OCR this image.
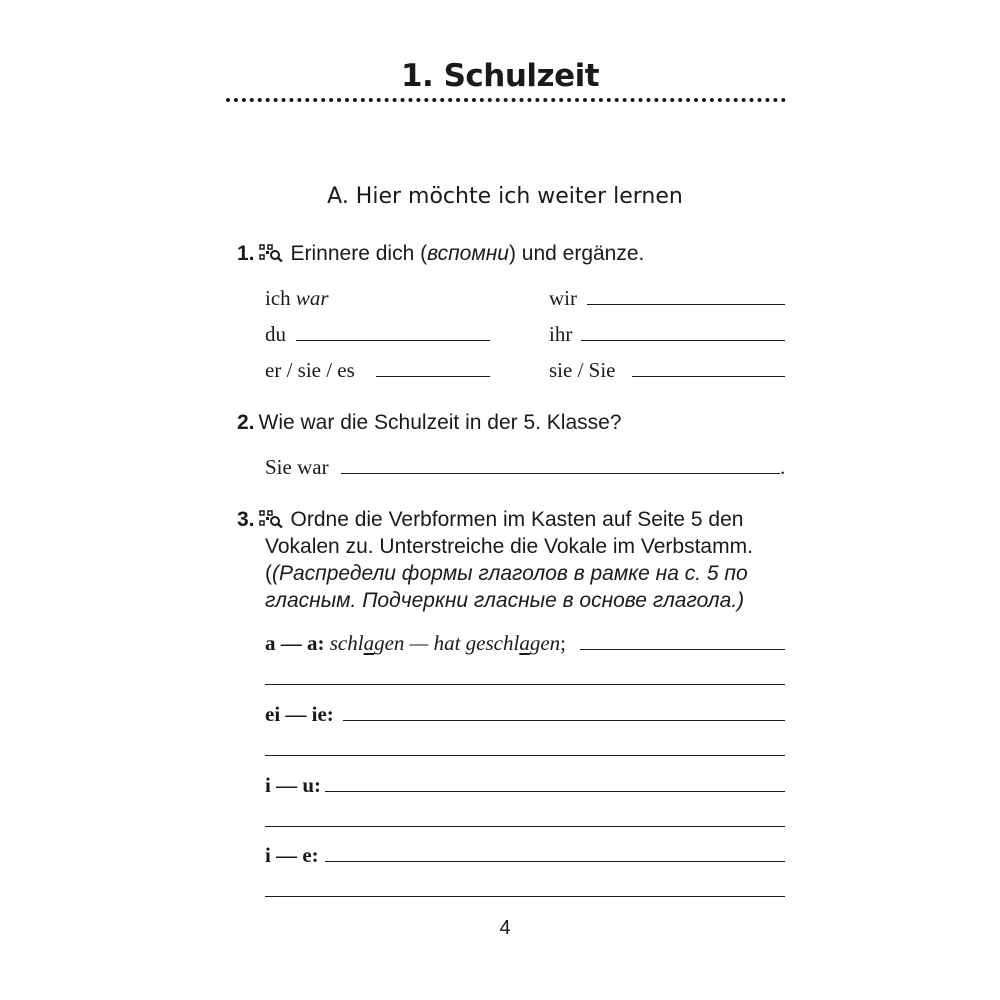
1. Schulzeit
A. Hier möchte ich weiter lernen
1. Erinnere dich (вспомни) und ergänze.
ich war
du
er / sie / es
wir
ihr
sie / Sie
2. Wie war die Schulzeit in der 5. Klasse?
Sie war	.
3. Ordne die Verbformen im Kasten auf Seite 5 den
Vokalen zu. Unterstreiche die Vokale im Verbstamm.
((Распредели формы глаголов в рамке на с. 5 по
гласным. Подчеркни гласные в основе глагола.)
a — a: schlagen — hat geschlagen;
ei — ie:
i — u:
i — e:
4
